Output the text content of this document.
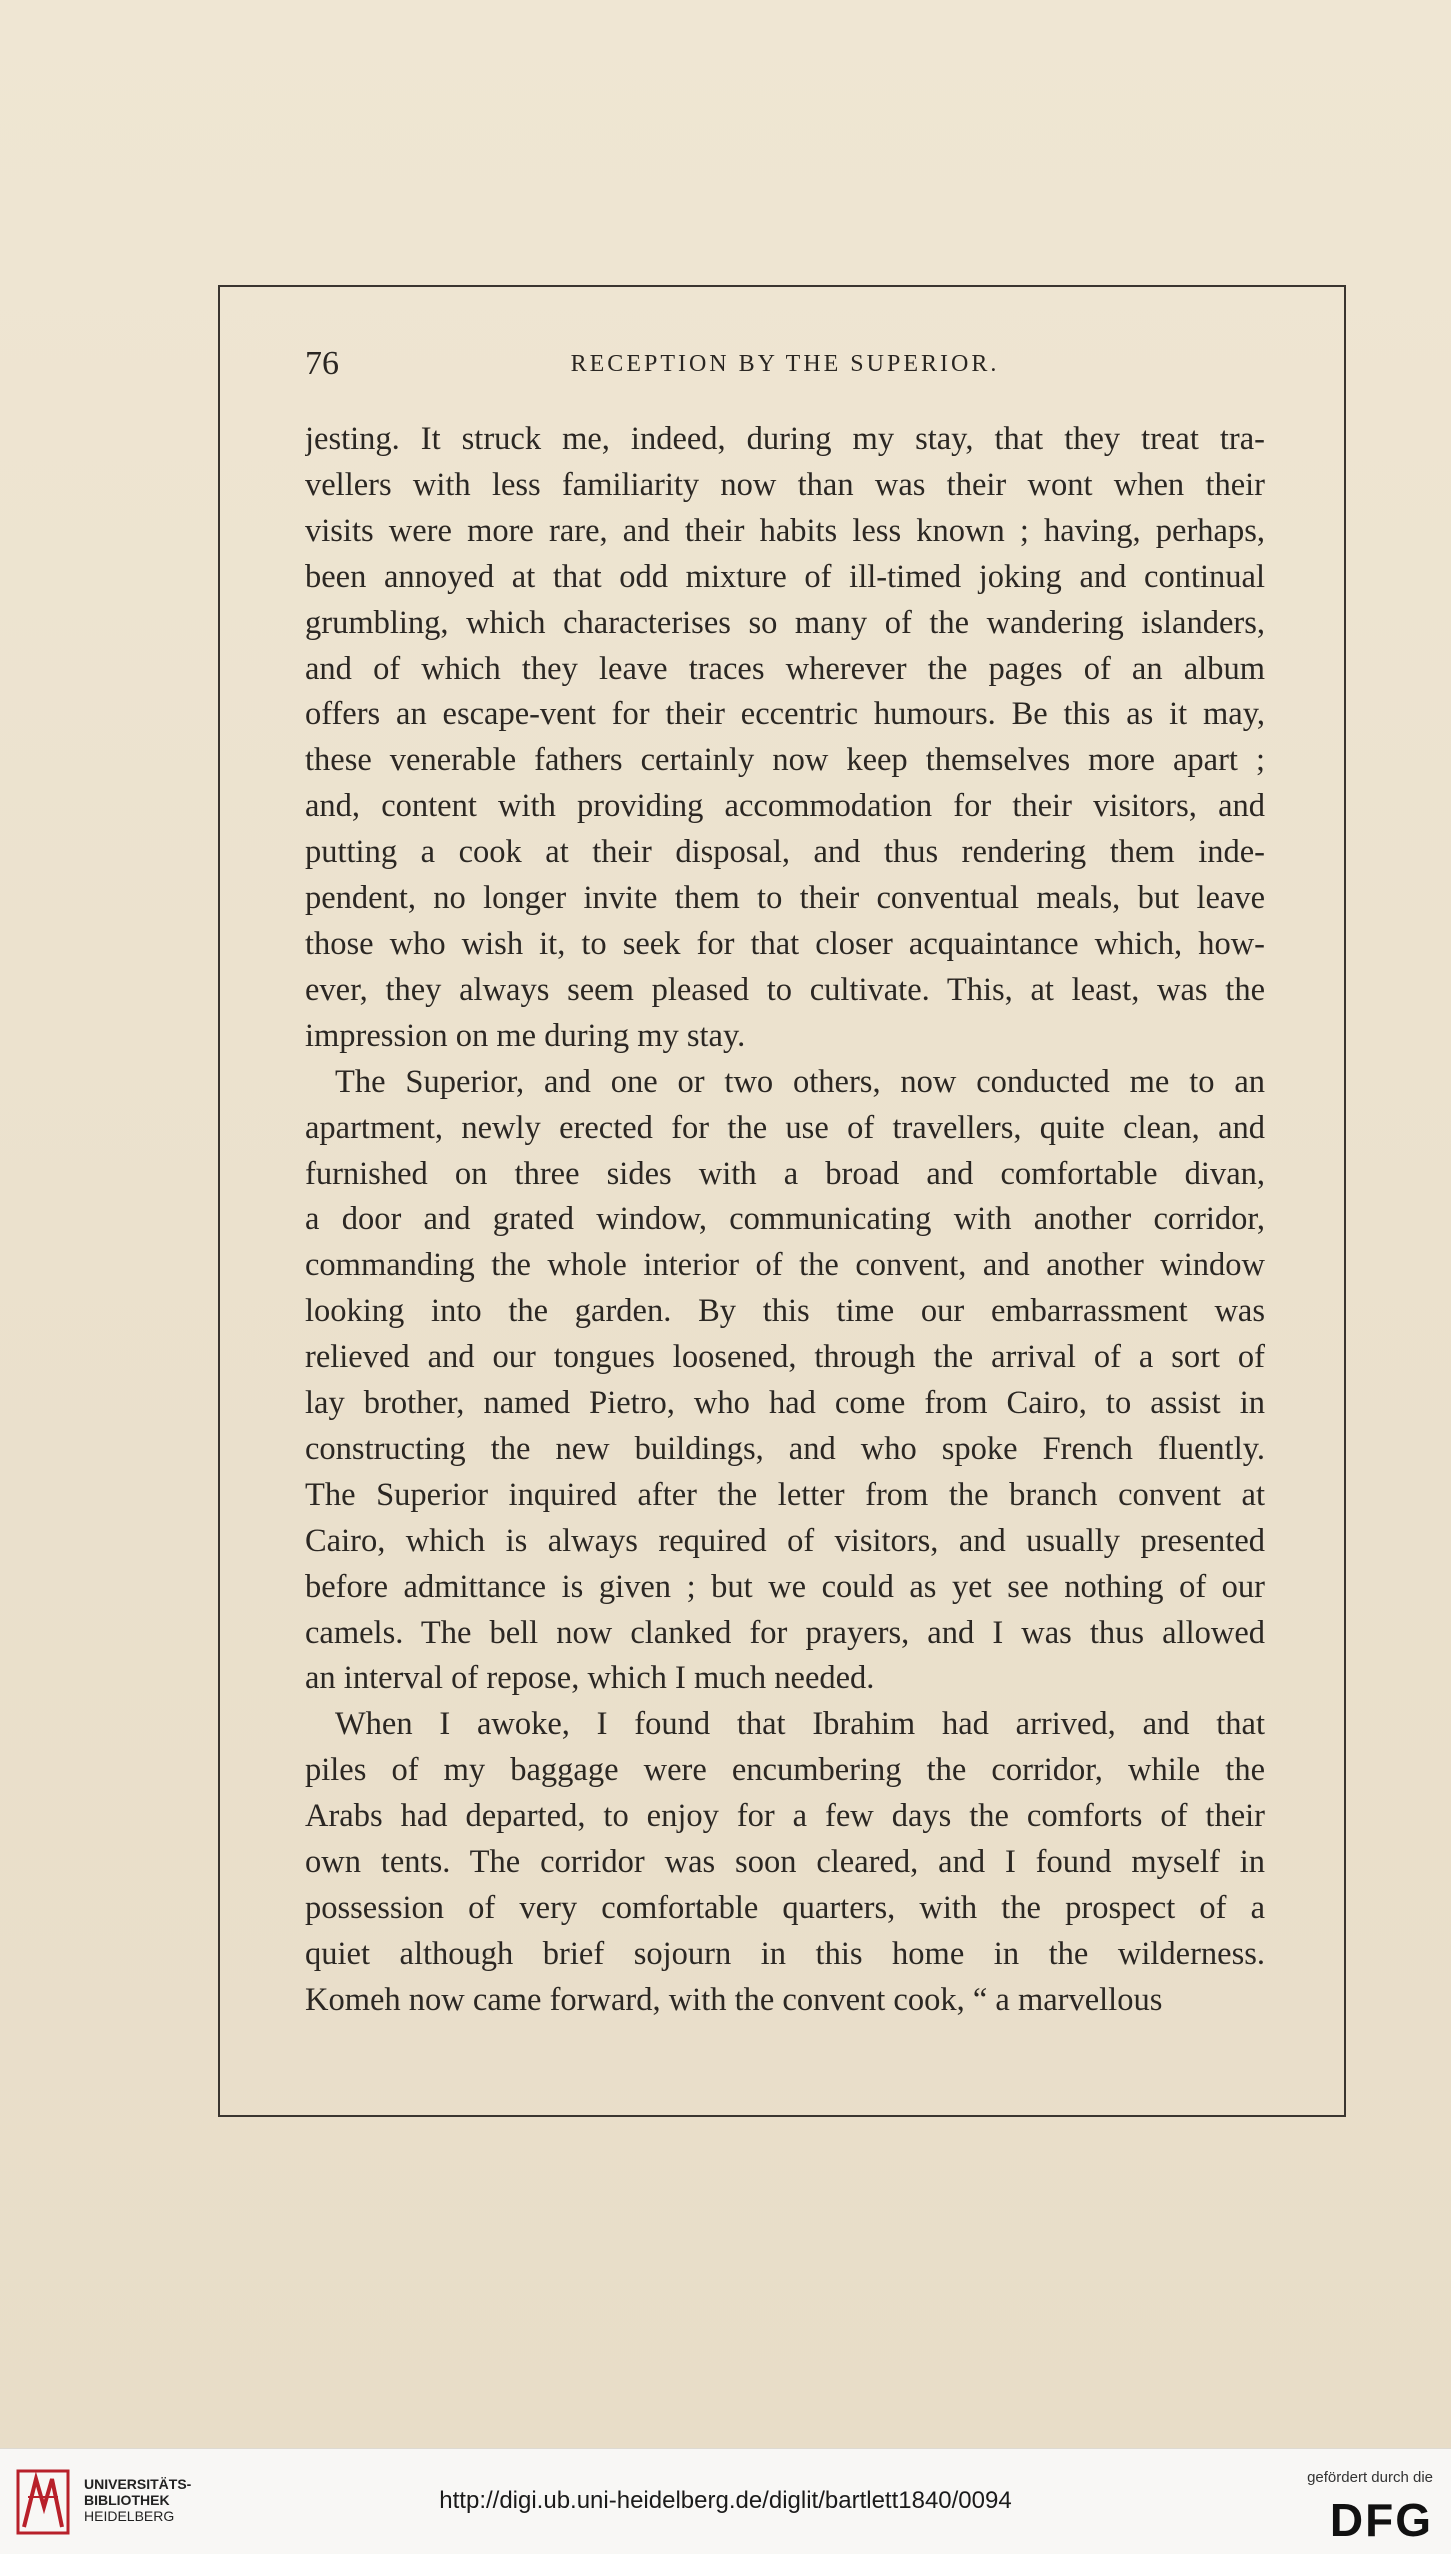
76	RECEPTION BY THE SUPERIOR.
jesting. It struck me, indeed, during my stay, that they treat tra-
vellers with less familiarity now than was their wont when their
visits were more rare, and their habits less known ; having, perhaps,
been annoyed at that odd mixture of ill-timed joking and continual
grumbling, which characterises so many of the wandering islanders,
and of which they leave traces wherever the pages of an album
offers an escape-vent for their eccentric humours. Be this as it may,
these venerable fathers certainly now keep themselves more apart ;
and, content with providing accommodation for their visitors, and
putting a cook at their disposal, and thus rendering them inde-
pendent, no longer invite them to their conventual meals, but leave
those who wish it, to seek for that closer acquaintance which, how-
ever, they always seem pleased to cultivate. This, at least, was the
impression on me during my stay.
The Superior, and one or two others, now conducted me to an
apartment, newly erected for the use of travellers, quite clean, and
furnished on three sides with a broad and comfortable divan,
a door and grated window, communicating with another corridor,
commanding the whole interior of the convent, and another window
looking into the garden. By this time our embarrassment was
relieved and our tongues loosened, through the arrival of a sort of
lay brother, named Pietro, who had come from Cairo, to assist in
constructing the new buildings, and who spoke French fluently.
The Superior inquired after the letter from the branch convent at
Cairo, which is always required of visitors, and usually presented
before admittance is given ; but we could as yet see nothing of our
camels. The bell now clanked for prayers, and I was thus allowed
an interval of repose, which I much needed.
When I awoke, I found that Ibrahim had arrived, and that
piles of my baggage were encumbering the corridor, while the
Arabs had departed, to enjoy for a few days the comforts of their
own tents. The corridor was soon cleared, and I found myself in
possession of very comfortable quarters, with the prospect of a
quiet although brief sojourn in this home in the wilderness.
Komeh now came forward, with the convent cook, “ a marvellous
UNIVERSITÄTS-
BIBLIOTHEK
HEIDELBERG
http://digi.ub.uni-heidelberg.de/diglit/bartlett1840/0094
gefördert durch die
DFG
